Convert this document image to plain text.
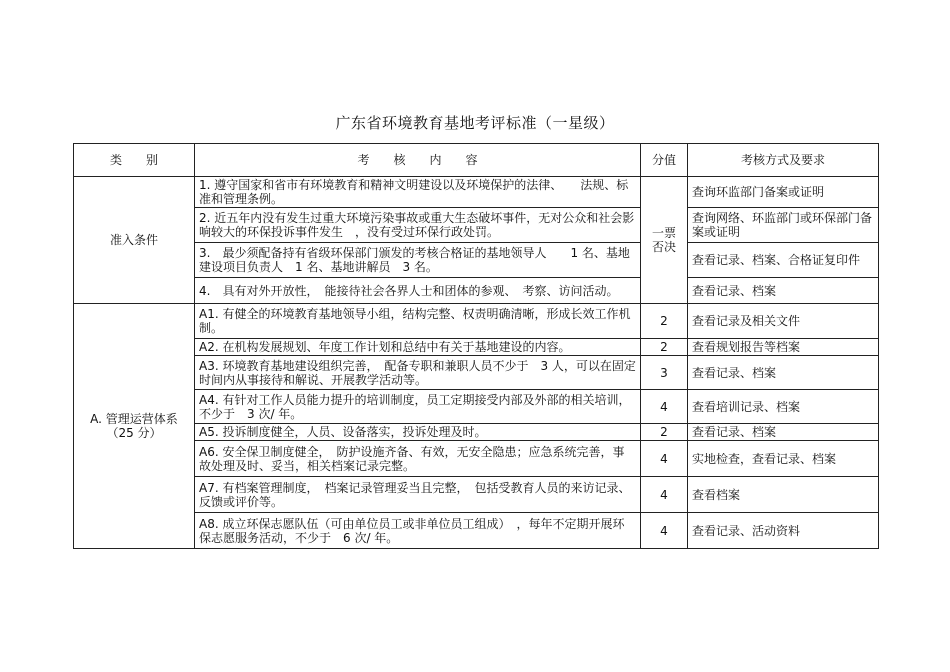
广东省环境教育基地考评标准（一星级）
类　　别	考　　核　　内　　容	分值	考核方式及要求
准入条件	1. 遵守国家和省市有环境教育和精神文明建设以及环境保护的法律、　　法规、标准和管理条例。	一票否决	查询环监部门备案或证明
	2. 近五年内没有发生过重大环境污染事故或重大生态破坏事件，无对公众和社会影响较大的环保投诉事件发生　，没有受过环保行政处罚。		查询网络、环监部门或环保部门备案或证明
	3.　最少须配备持有省级环保部门颁发的考核合格证的基地领导人　　1 名、基地建设项目负责人　1 名、基地讲解员　3 名。		查看记录、档案、合格证复印件
	4.　具有对外开放性，　能接待社会各界人士和团体的参观、　考察、访问活动。		查看记录、档案

A. 管理运营体系
（25 分）	A1. 有健全的环境教育基地领导小组，结构完整、权责明确清晰，形成长效工作机制。	2	查看记录及相关文件
	A2. 在机构发展规划、年度工作计划和总结中有关于基地建设的内容。	2	查看规划报告等档案
	A3. 环境教育基地建设组织完善，　配备专职和兼职人员不少于　3 人，可以在固定时间内从事接待和解说、开展教学活动等。	3	查看记录、档案
	A4. 有针对工作人员能力提升的培训制度，员工定期接受内部及外部的相关培训，不少于　3 次/ 年。	4	查看培训记录、档案
	A5. 投诉制度健全，人员、设备落实，投诉处理及时。	2	查看记录、档案
	A6. 安全保卫制度健全，　防护设施齐备、有效，无安全隐患；应急系统完善，事故处理及时、妥当，相关档案记录完整。	4	实地检查，查看记录、档案
	A7. 有档案管理制度，　档案记录管理妥当且完整，　包括受教育人员的来访记录、反馈或评价等。	4	查看档案
	A8. 成立环保志愿队伍（可由单位员工或非单位员工组成）　，每年不定期开展环保志愿服务活动，不少于　6 次/ 年。	4	查看记录、活动资料
